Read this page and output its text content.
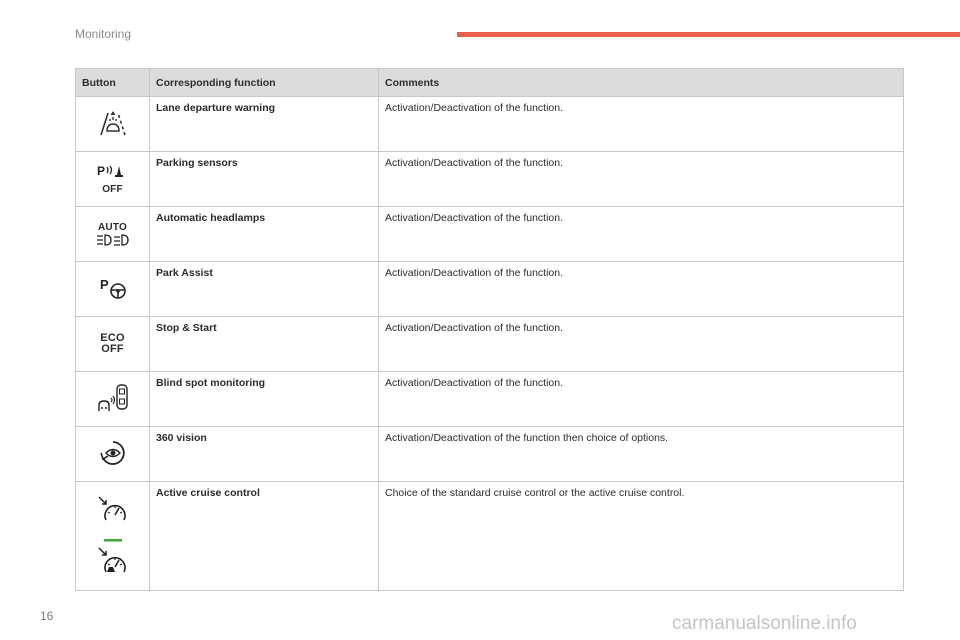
Monitoring
Button	Corresponding function	Comments

	Lane departure warning	Activation/Deactivation of the function.

P
OFF	Parking sensors	Activation/Deactivation of the function.

AUTO	Automatic headlamps	Activation/Deactivation of the function.

P	Park Assist	Activation/Deactivation of the function.

ECO
OFF	Stop & Start	Activation/Deactivation of the function.

	Blind spot monitoring	Activation/Deactivation of the function.

	360 vision	Activation/Deactivation of the function then choice of options.

	Active cruise control	Choice of the standard cruise control or the active cruise control.
16	carmanualsonline.info
